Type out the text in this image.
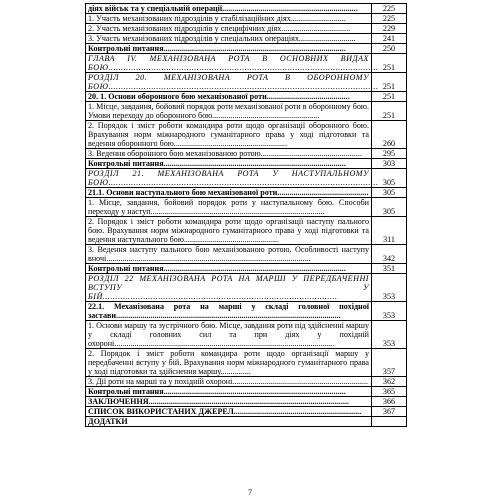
діях військ та у спеціальній операції...................................................................	225
1. Участь механізованих підрозділів у стабілізаційних діях...........................	225
2. Участь механізованих підрозділів у специфічних діях..................................	229
3. Участь механізованих підрозділів у спеціальних операціях............................	241
Контрольні питання..........................................................................................	250
ГЛАВА IV. МЕХАНІЗОВАНА РОТА В ОСНОВНИХ ВИДАХ БОЮ...........................................................................................................	251
РОЗДІЛ 20. МЕХАНІЗОВАНА РОТА В ОБОРОННОМУ БОЮ...........................................................................................................	251
20. 1. Основи оборонного бою механізованої роти.........................................	251
1. Місце, завдання, бойовий порядок роти механізованої роти в оборонному бою. Умови переходу до оборонного бою.....................................................	251
2. Порядок і зміст роботи командира роти щодо організації оборонного бою. Врахування норм міжнародного гуманітарного права у ході підготовки та ведення оборонного бою........................................................	260
3. Ведення оборонного бою механізованою ротою..................................................	295
Контрольні питання..........................................................................................	303
РОЗДІЛ 21. МЕХАНІЗОВАНА РОТА У НАСТУПАЛЬНОМУ БОЮ...........................................................................................................	305
21.1. Основи наступального бою механізованої роти.............................................	305
1. Місце, завдання, бойовий порядок роти у наступальному бою. Способи переходу у наступ......................................................................................	305
2. Порядок і зміст роботи командира роти щодо організації наступу пального бою. Врахування норм міжнародного гуманітарного права у ході підготовки та ведення наступального бою...............................................	311
3. Ведення наступу пального бою механізованою ротою. Особливості наступу вночі.....................................................................................................	342
Контрольні питання..........................................................................................	351
РОЗДІЛ 22 МЕХАНІЗОВАНА РОТА НА МАРШІ У ПЕРЕДБАЧЕННІ ВСТУПУ У БІЙ.............................................................................................	353
22.1. Механізована рота на марші у складі головної похідної застави...............................................................................................................	353
1. Основи маршу та зустрічного бою. Місце, завдання роти пiд здійсненні маршу у складі головних сил та при діях у похідній охороні.............................................................................................................	353
2. Порядок і зміст роботи командира роти щодо організації маршу у передбаченні вступу у бій. Врахування норм міжнародного гуманітарного права у ході підготовки та здійснення маршу...............	357
3. Дії роти на марші та у похідній охороні...................................................................	362
Контрольні питання..........................................................................................	365
ЗАКЛЮЧЕННЯ...................................................................................................	366
СПИСОК ВИКОРИСТАНИХ ДЖЕРЕЛ...............................................................	367
ДОДАТКИ	
7
